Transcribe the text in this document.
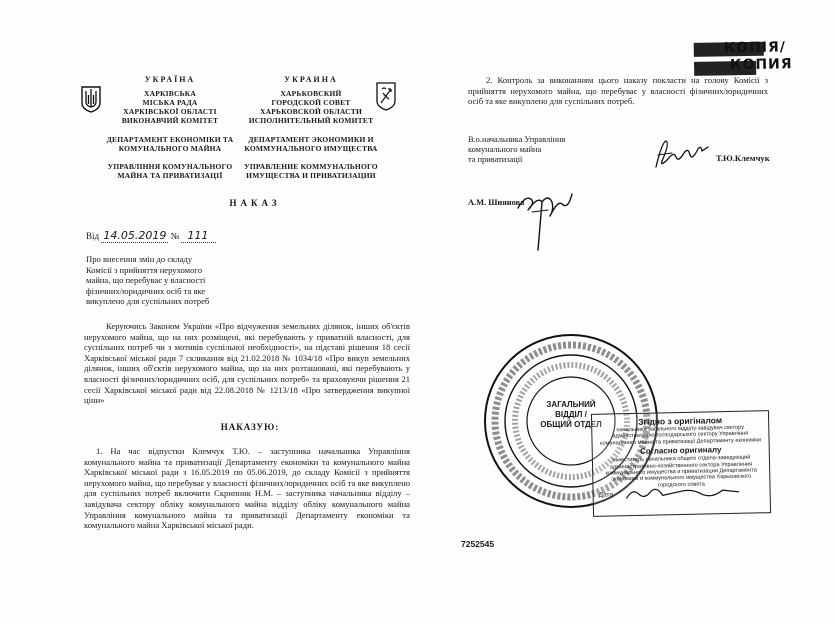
КОПІЯ/
КОПИЯ
УКРАЇНА
ХАРКІВСЬКА
МІСЬКА РАДА
ХАРКІВСЬКОЇ ОБЛАСТІ
ВИКОНАВЧИЙ КОМІТЕТ
ДЕПАРТАМЕНТ ЕКОНОМІКИ ТА
КОМУНАЛЬНОГО МАЙНА
УПРАВЛІННЯ КОМУНАЛЬНОГО
МАЙНА ТА ПРИВАТИЗАЦІЇ
УКРАИНА
ХАРЬКОВСКИЙ
ГОРОДСКОЙ СОВЕТ
ХАРЬКОВСКОЙ ОБЛАСТИ
ИСПОЛНИТЕЛЬНЫЙ КОМИТЕТ
ДЕПАРТАМЕНТ ЭКОНОМИКИ И
КОММУНАЛЬНОГО ИМУЩЕСТВА
УПРАВЛЕНИЕ КОММУНАЛЬНОГО
ИМУЩЕСТВА И ПРИВАТИЗАЦИИ
НАКАЗ
Від 14.05.2019 № 111
Про внесення змін до складу
Комісії з прийняття нерухомого
майна, що перебуває у власності
фізичних/юридичних осіб та яке
викуплено для суспільних потреб
Керуючись Законом України «Про відчуження земельних ділянок, інших об'єктів нерухомого майна, що на них розміщені, які перебувають у приватній власності, для суспільних потреб чи з мотивів суспільної необхідності», на підставі рішення 18 сесії Харківської міської ради 7 скликання від 21.02.2018 № 1034/18 «Про викуп земельних ділянок, інших об'єктів нерухомого майна, що на них розташовані, які перебувають у власності фізичних/юридичних осіб, для суспільних потреб» та враховуючи рішення 21 сесії Харківської міської ради від 22.08.2018 № 1213/18 «Про затвердження викупної ціни»
НАКАЗУЮ:
1. На час відпустки Клемчук Т.Ю. – заступника начальника Управління комунального майна та приватизації Департаменту економіки та комунального майна Харківської міської ради з 16.05.2019 по 05.06.2019, до складу Комісії з прийняття нерухомого майна, що перебуває у власності фізичних/юридичних осіб та яке викуплено для суспільних потреб включити Скрипник Н.М. – заступника начальника відділу – завідувача сектору обліку комунального майна відділу обліку комунального майна Управління комунального майна та приватизації Департаменту економіки та комунального майна Харківської міської ради.
2. Контроль за виконанням цього наказу покласти на голову Комісії з прийняття нерухомого майна, що перебуває у власності фізичних/юридичних осіб та яке викуплено для суспільних потреб.
В.о.начальника Управління
комунального майна
та приватизації	Т.Ю.Клемчук
А.М. Шиянова
ЗАГАЛЬНИЙ
ВІДДІЛ /
ОБЩИЙ ОТДЕЛ	Згідно з оригіналом
начальника загального відділу-завідувач сектору адміністративно-господарського сектору Управління комунального майна та приватизації Департаменту економіки
Согласно оригиналу
заместитель начальника общего отдела-заведующий административно-хозяйственного сектора Управления коммунального имущества и приватизации Департамента экономики и коммунального имущества Харьковского городского совета
Дата
7252545
